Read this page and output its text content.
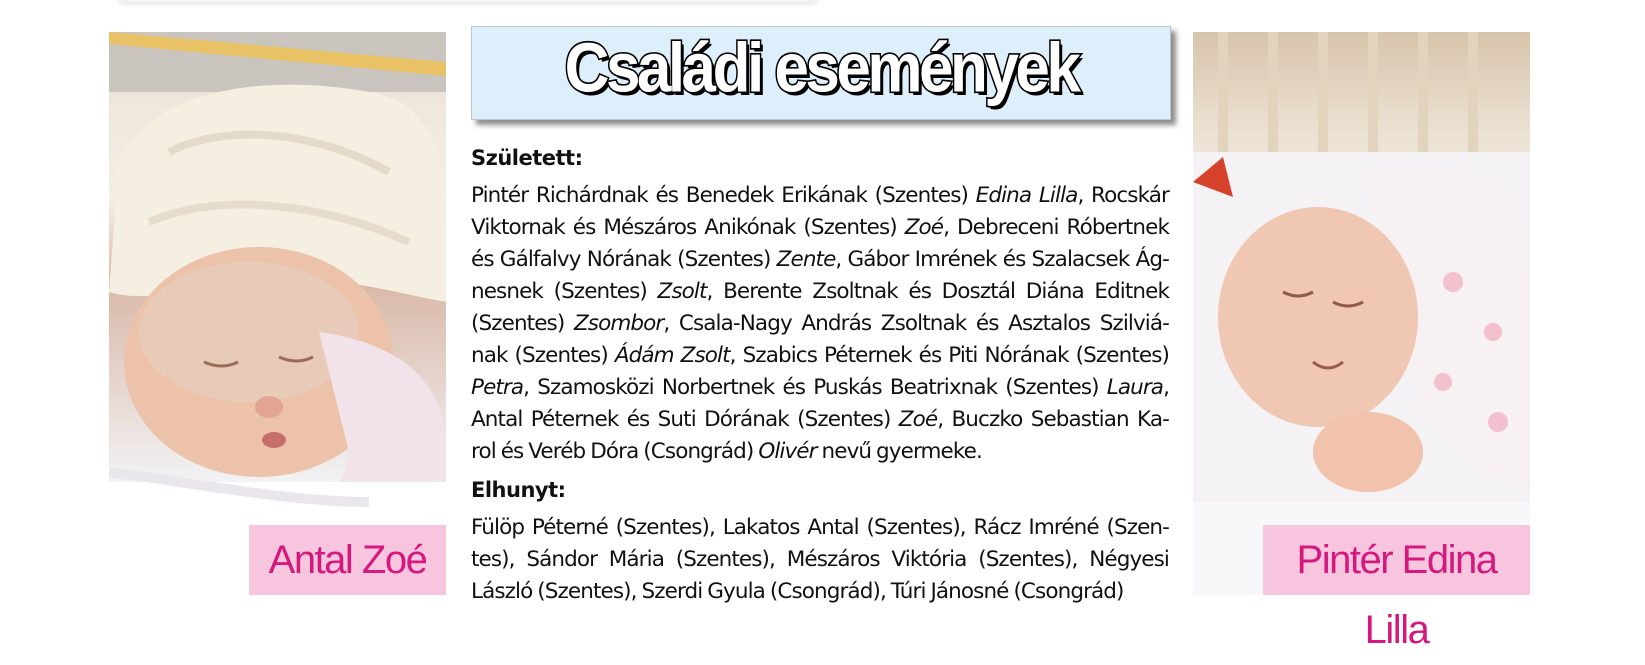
Antal Zoé
Családi események
Született:
Pintér Richárdnak és Benedek Erikának (Szentes) Edina Lilla, Rocskár
Viktornak és Mészáros Anikónak (Szentes) Zoé, Debreceni Róbertnek
és Gálfalvy Nórának (Szentes) Zente, Gábor Imrének és Szalacsek Ág-
nesnek (Szentes) Zsolt, Berente Zsoltnak és Dosztál Diána Editnek
(Szentes) Zsombor, Csala-Nagy András Zsoltnak és Asztalos Szilviá-
nak (Szentes) Ádám Zsolt, Szabics Péternek és Piti Nórának (Szentes)
Petra, Szamosközi Norbertnek és Puskás Beatrixnak (Szentes) Laura,
Antal Péternek és Suti Dórának (Szentes) Zoé, Buczko Sebastian Ka-
rol és Veréb Dóra (Csongrád) Olivér nevű gyermeke.
Elhunyt:
Fülöp Péterné (Szentes), Lakatos Antal (Szentes), Rácz Imréné (Szen-
tes), Sándor Mária (Szentes), Mészáros Viktória (Szentes), Négyesi
László (Szentes), Szerdi Gyula (Csongrád), Túri Jánosné (Csongrád)
Pintér Edina Lilla
